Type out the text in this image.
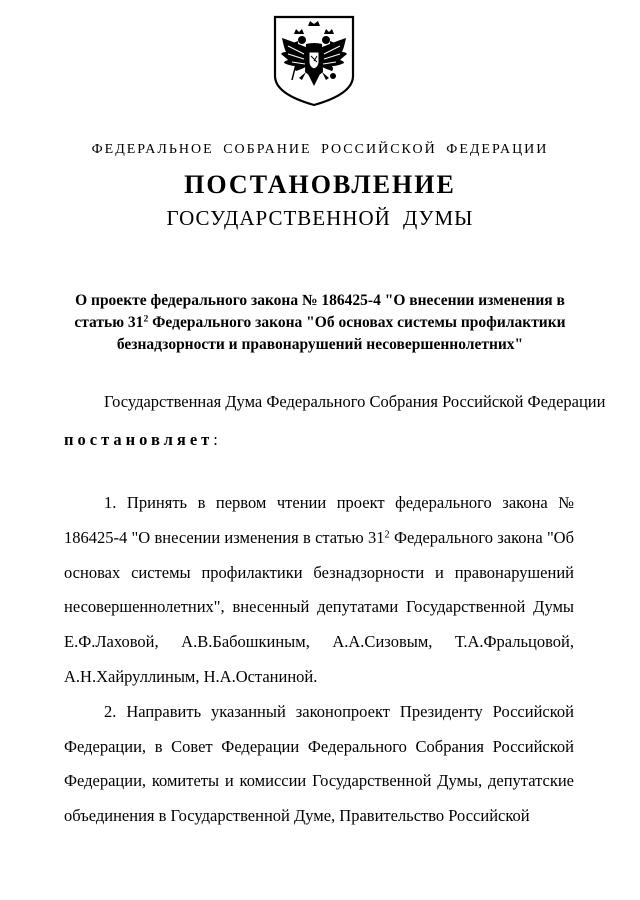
ФЕДЕРАЛЬНОЕ СОБРАНИЕ РОССИЙСКОЙ ФЕДЕРАЦИИ
ПОСТАНОВЛЕНИЕ
ГОСУДАРСТВЕННОЙ ДУМЫ
О проекте федерального закона № 186425-4 "О внесении изменения в
статью $31^2$ Федерального закона "Об основах системы профилактики
безнадзорности и правонарушений несовершеннолетних"
Государственная Дума Федерального Собрания Российской Федерации
постановляет:

1. Принять в первом чтении проект федерального закона № 186425-4 "О внесении изменения в статью $31^2$ Федерального закона "Об основах системы профилактики безнадзорности и правонарушений несовершеннолетних", внесенный депутатами Государственной Думы Е.Ф.Лаховой, А.В.Бабошкиным, А.А.Сизовым, Т.А.Фральцовой, А.Н.Хайруллиным, Н.А.Останиной.

2. Направить указанный законопроект Президенту Российской Федерации, в Совет Федерации Федерального Собрания Российской Федерации, комитеты и комиссии Государственной Думы, депутатские объединения в Государственной Думе, Правительство Российской
